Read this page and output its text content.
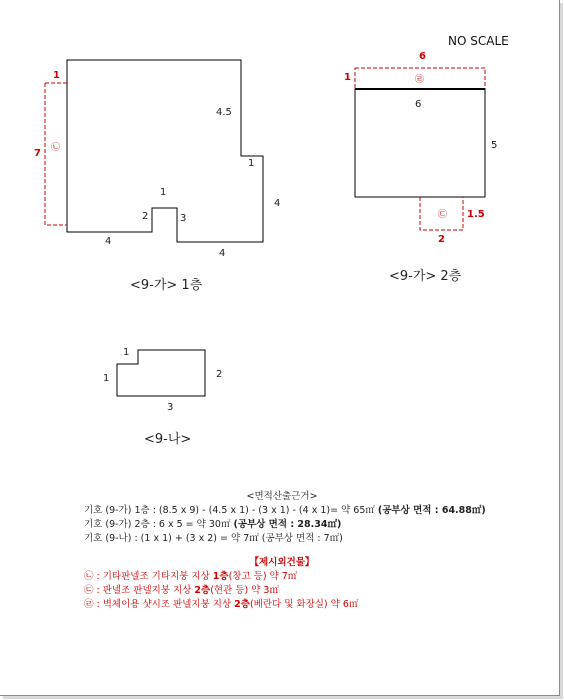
NO SCALE
1
7 ㉡
4.5
1
4
4
1
2	3
4
<9-가> 1층
6
1	㉣
6
5
㉢ 1.5
2
<9-가> 2층
1
1	2
3
<9-나>
<면적산출근거>
기호 (9-가) 1층 : (8.5 x 9) - (4.5 x 1) - (3 x 1) - (4 x 1)= 약 65㎡ (공부상 면적 : 64.88㎡)
기호 (9-가) 2층 : 6 x 5 = 약 30㎡ (공부상 면적 : 28.34㎡)
기호 (9-나) : (1 x 1) + (3 x 2) = 약 7㎡ (공부상 면적 : 7㎡)
【제시외건물】
㉡ : 기타판넬조 기타지붕 지상 1층(창고 등) 약 7㎡
㉢ : 판넬조 판넬지붕 지상 2층(현관 등) 약 3㎡
㉣ : 벽체이용 샷시조 판넬지붕 지상 2층(베란다 및 화장실) 약 6㎡
